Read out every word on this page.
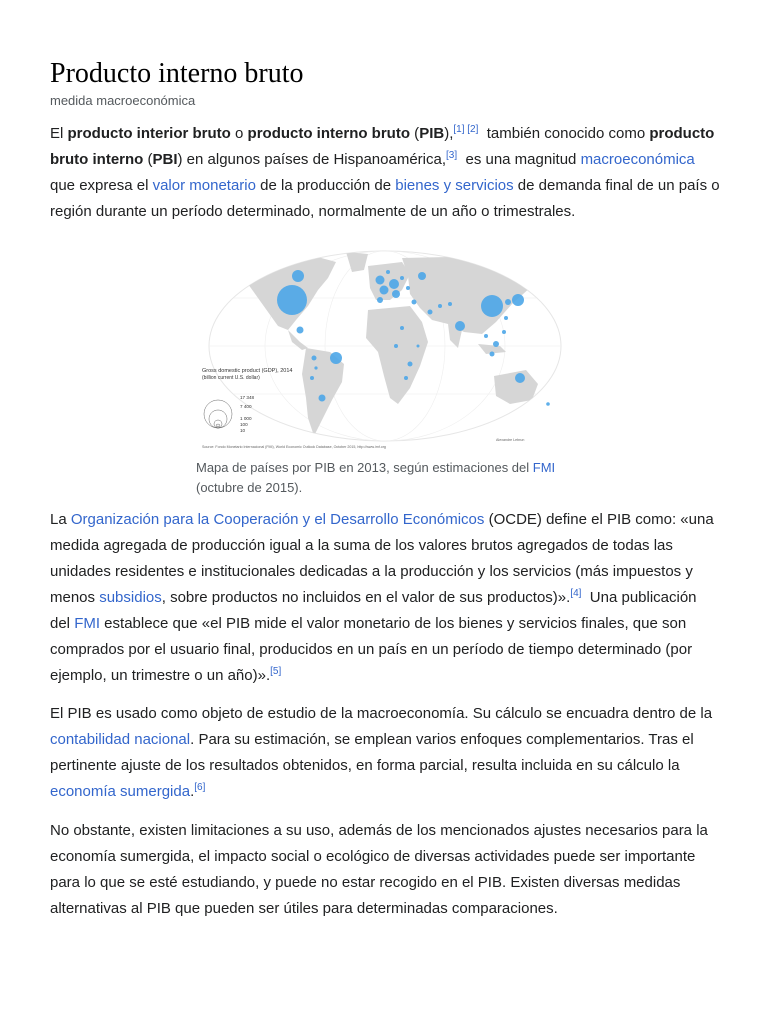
Producto interno bruto

medida macroeconómica

El producto interior bruto o producto interno bruto (PIB),[1] [2]  también conocido como producto
bruto interno (PBI) en algunos países de Hispanoamérica,[3]  es una magnitud macroeconómica
que expresa el valor monetario de la producción de bienes y servicios de demanda final de un país o
región durante un período determinado, normalmente de un año o trimestrales.
Gross domestic product (GDP), 2014
(billion current U.S. dollar)
17 348
7 400
1 000
100
10
Alexandre Lebrun
Source: Fondo Monetario Internacional (FMI), World Economic Outlook Database, October 2015, http://www.imf.org
Mapa de países por PIB en 2013, según estimaciones del FMI
(octubre de 2015).
La Organización para la Cooperación y el Desarrollo Económicos (OCDE) define el PIB como: «una
medida agregada de producción igual a la suma de los valores brutos agregados de todas las
unidades residentes e institucionales dedicadas a la producción y los servicios (más impuestos y
menos subsidios, sobre productos no incluidos en el valor de sus productos)».[4]  Una publicación
del FMI establece que «el PIB mide el valor monetario de los bienes y servicios finales, que son
comprados por el usuario final, producidos en un país en un período de tiempo determinado (por
ejemplo, un trimestre o un año)».[5]
El PIB es usado como objeto de estudio de la macroeconomía. Su cálculo se encuadra dentro de la
contabilidad nacional. Para su estimación, se emplean varios enfoques complementarios. Tras el
pertinente ajuste de los resultados obtenidos, en forma parcial, resulta incluida en su cálculo la
economía sumergida.[6]
No obstante, existen limitaciones a su uso, además de los mencionados ajustes necesarios para la
economía sumergida, el impacto social o ecológico de diversas actividades puede ser importante
para lo que se esté estudiando, y puede no estar recogido en el PIB. Existen diversas medidas
alternativas al PIB que pueden ser útiles para determinadas comparaciones.
